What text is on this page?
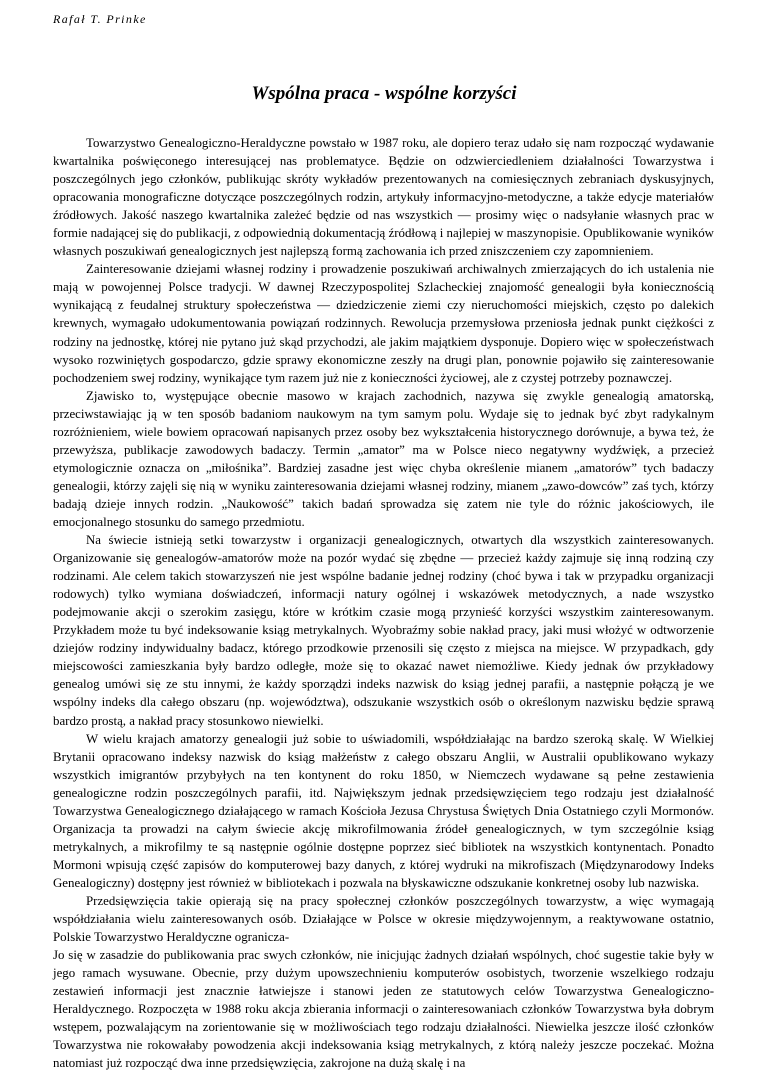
Rafał T. Prinke
Wspólna praca - wspólne korzyści

Towarzystwo Genealogiczno-Heraldyczne powstało w 1987 roku, ale dopiero teraz udało się nam rozpocząć wydawanie kwartalnika poświęconego interesującej nas problematyce. Będzie on odzwierciedleniem działalności Towarzystwa i poszczególnych jego członków, publikując skróty wykładów prezentowanych na comiesięcznych zebraniach dyskusyjnych, opracowania monograficzne dotyczące poszczególnych rodzin, artykuły informacyjno-metodyczne, a także edycje materiałów źródłowych. Jakość naszego kwartalnika zależeć będzie od nas wszystkich — prosimy więc o nadsyłanie własnych prac w formie nadającej się do publikacji, z odpowiednią dokumentacją źródłową i najlepiej w maszynopisie. Opublikowanie wyników własnych poszukiwań genealogicznych jest najlepszą formą zachowania ich przed zniszczeniem czy zapomnieniem.

Zainteresowanie dziejami własnej rodziny i prowadzenie poszukiwań archiwalnych zmierzających do ich ustalenia nie mają w powojennej Polsce tradycji. W dawnej Rzeczypospolitej Szlacheckiej znajomość genealogii była koniecznością wynikającą z feudalnej struktury społeczeństwa — dziedziczenie ziemi czy nieruchomości miejskich, często po dalekich krewnych, wymagało udokumentowania powiązań rodzinnych. Rewolucja przemysłowa przeniosła jednak punkt ciężkości z rodziny na jednostkę, której nie pytano już skąd przychodzi, ale jakim majątkiem dysponuje. Dopiero więc w społeczeństwach wysoko rozwiniętych gospodarczo, gdzie sprawy ekonomiczne zeszły na drugi plan, ponownie pojawiło się zainteresowanie pochodzeniem swej rodziny, wynikające tym razem już nie z konieczności życiowej, ale z czystej potrzeby poznawczej.

Zjawisko to, występujące obecnie masowo w krajach zachodnich, nazywa się zwykle genealogią amatorską, przeciwstawiając ją w ten sposób badaniom naukowym na tym samym polu. Wydaje się to jednak być zbyt radykalnym rozróżnieniem, wiele bowiem opracowań napisanych przez osoby bez wykształcenia historycznego dorównuje, a bywa też, że przewyższa, publikacje zawodowych badaczy. Termin „amator” ma w Polsce nieco negatywny wydźwięk, a przecież etymologicznie oznacza on „miłośnika”. Bardziej zasadne jest więc chyba określenie mianem „amatorów” tych badaczy genealogii, którzy zajęli się nią w wyniku zainteresowania dziejami własnej rodziny, mianem „zawo-dowców” zaś tych, którzy badają dzieje innych rodzin. „Naukowość” takich badań sprowadza się zatem nie tyle do różnic jakościowych, ile emocjonalnego stosunku do samego przedmiotu.

Na świecie istnieją setki towarzystw i organizacji genealogicznych, otwartych dla wszystkich zainteresowanych. Organizowanie się genealogów-amatorów może na pozór wydać się zbędne — przecież każdy zajmuje się inną rodziną czy rodzinami. Ale celem takich stowarzyszeń nie jest wspólne badanie jednej rodziny (choć bywa i tak w przypadku organizacji rodowych) tylko wymiana doświadczeń, informacji natury ogólnej i wskazówek metodycznych, a nade wszystko podejmowanie akcji o szerokim zasięgu, które w krótkim czasie mogą przynieść korzyści wszystkim zainteresowanym. Przykładem może tu być indeksowanie ksiąg metrykalnych. Wyobraźmy sobie nakład pracy, jaki musi włożyć w odtworzenie dziejów rodziny indywidualny badacz, którego przodkowie przenosili się często z miejsca na miejsce. W przypadkach, gdy miejscowości zamieszkania były bardzo odległe, może się to okazać nawet niemożliwe. Kiedy jednak ów przykładowy genealog umówi się ze stu innymi, że każdy sporządzi indeks nazwisk do ksiąg jednej parafii, a następnie połączą je we wspólny indeks dla całego obszaru (np. województwa), odszukanie wszystkich osób o określonym nazwisku będzie sprawą bardzo prostą, a nakład pracy stosunkowo niewielki.

W wielu krajach amatorzy genealogii już sobie to uświadomili, współdziałając na bardzo szeroką skalę. W Wielkiej Brytanii opracowano indeksy nazwisk do ksiąg małżeństw z całego obszaru Anglii, w Australii opublikowano wykazy wszystkich imigrantów przybyłych na ten kontynent do roku 1850, w Niemczech wydawane są pełne zestawienia genealogiczne rodzin poszczególnych parafii, itd. Największym jednak przedsięwzięciem tego rodzaju jest działalność Towarzystwa Genealogicznego działającego w ramach Kościoła Jezusa Chrystusa Świętych Dnia Ostatniego czyli Mormonów. Organizacja ta prowadzi na całym świecie akcję mikrofilmowania źródeł genealogicznych, w tym szczególnie ksiąg metrykalnych, a mikrofilmy te są następnie ogólnie dostępne poprzez sieć bibliotek na wszystkich kontynentach. Ponadto Mormoni wpisują część zapisów do komputerowej bazy danych, z której wydruki na mikrofiszach (Międzynarodowy Indeks Genealogiczny) dostępny jest również w bibliotekach i pozwala na błyskawiczne odszukanie konkretnej osoby lub nazwiska.

Przedsięwzięcia takie opierają się na pracy społecznej członków poszczególnych towarzystw, a więc wymagają współdziałania wielu zainteresowanych osób. Działające w Polsce w okresie międzywojennym, a reaktywowane ostatnio, Polskie Towarzystwo Heraldyczne ogranicza-

Jo się w zasadzie do publikowania prac swych członków, nie inicjując żadnych działań wspólnych, choć sugestie takie były w jego ramach wysuwane. Obecnie, przy dużym upowszechnieniu komputerów osobistych, tworzenie wszelkiego rodzaju zestawień informacji jest znacznie łatwiejsze i stanowi jeden ze statutowych celów Towarzystwa Genealogiczno-Heraldycznego. Rozpoczęta w 1988 roku akcja zbierania informacji o zainteresowaniach członków Towarzystwa była dobrym wstępem, pozwalającym na zorientowanie się w możliwościach tego rodzaju działalności. Niewielka jeszcze ilość członków Towarzystwa nie rokowałaby powodzenia akcji indeksowania ksiąg metrykalnych, z którą należy jeszcze poczekać. Można natomiast już rozpocząć dwa inne przedsięwzięcia, zakrojone na dużą skalę i na
